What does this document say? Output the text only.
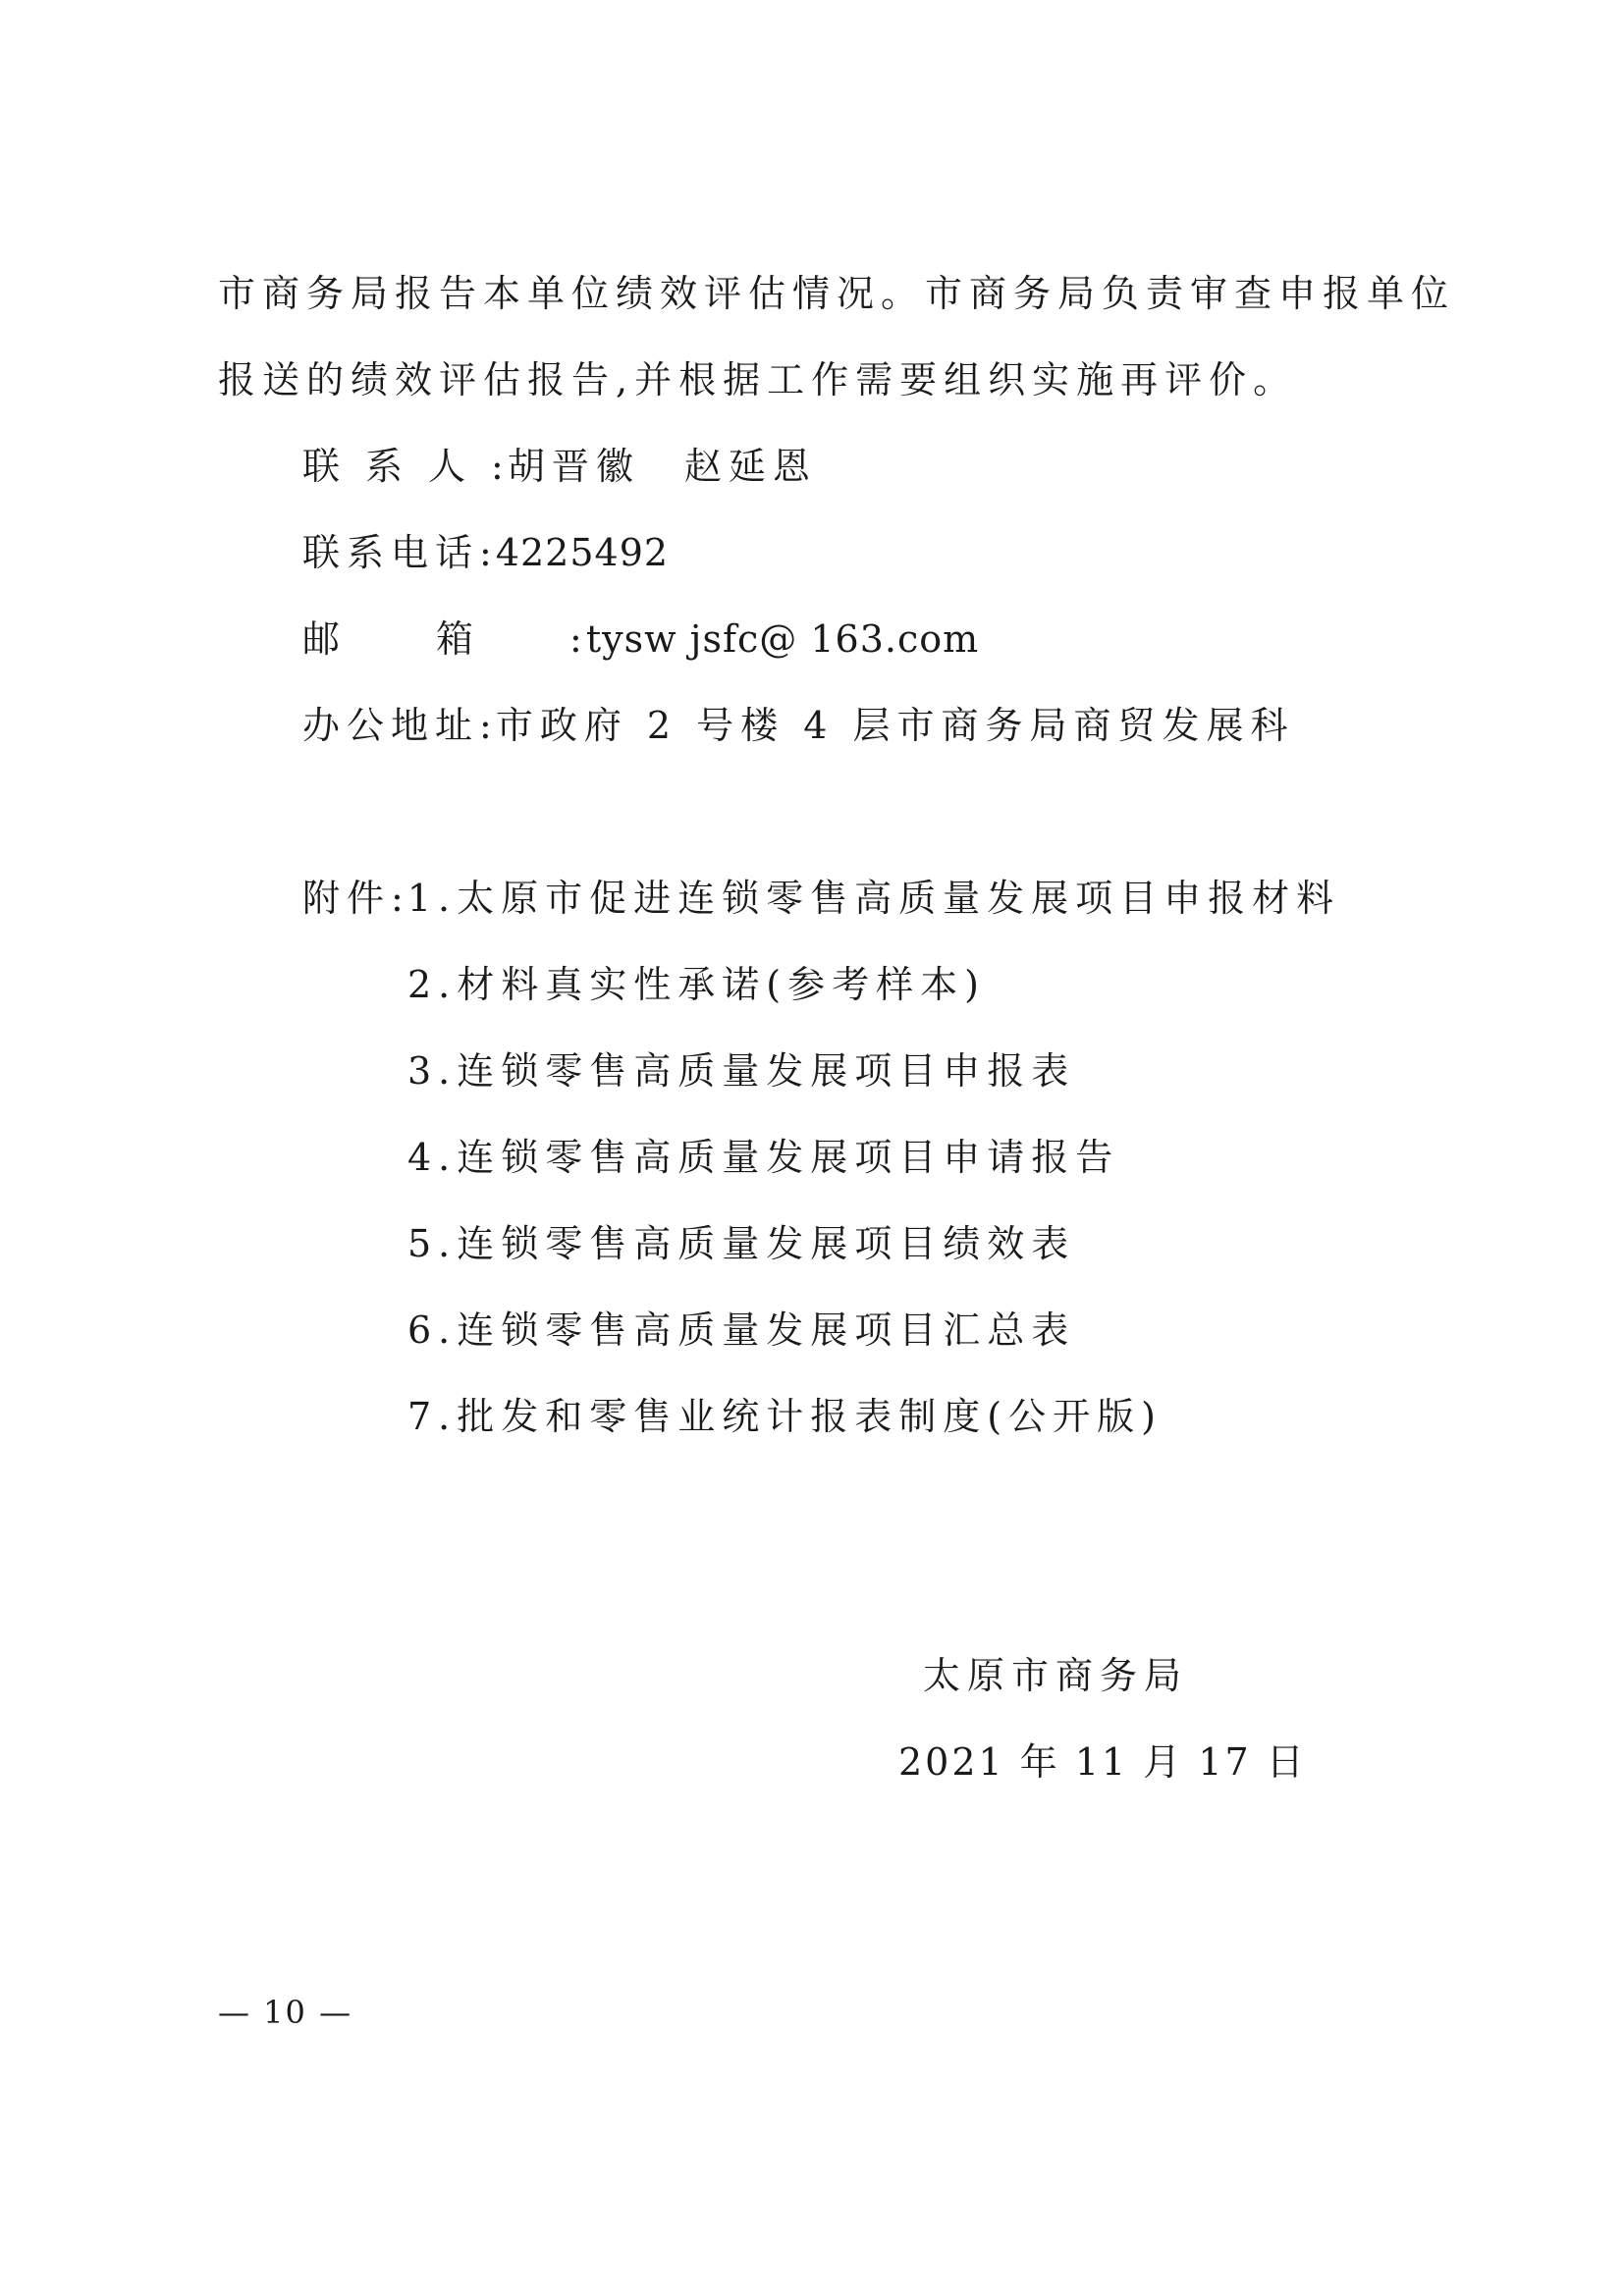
市商务局报告本单位绩效评估情况。市商务局负责审查申报单位
报送的绩效评估报告,并根据工作需要组织实施再评价。
联系人: 胡晋徽　赵延恩
联系电话: 4225492
邮箱: tysw jsfc@ 163.com
办公地址: 市政府 2 号楼 4 层市商务局商贸发展科
附件: 1.太原市促进连锁零售高质量发展项目申报材料
2.材料真实性承诺(参考样本)
3.连锁零售高质量发展项目申报表
4.连锁零售高质量发展项目申请报告
5.连锁零售高质量发展项目绩效表
6.连锁零售高质量发展项目汇总表
7.批发和零售业统计报表制度(公开版)
太原市商务局
2021 年 11 月 17 日
— 10 —
